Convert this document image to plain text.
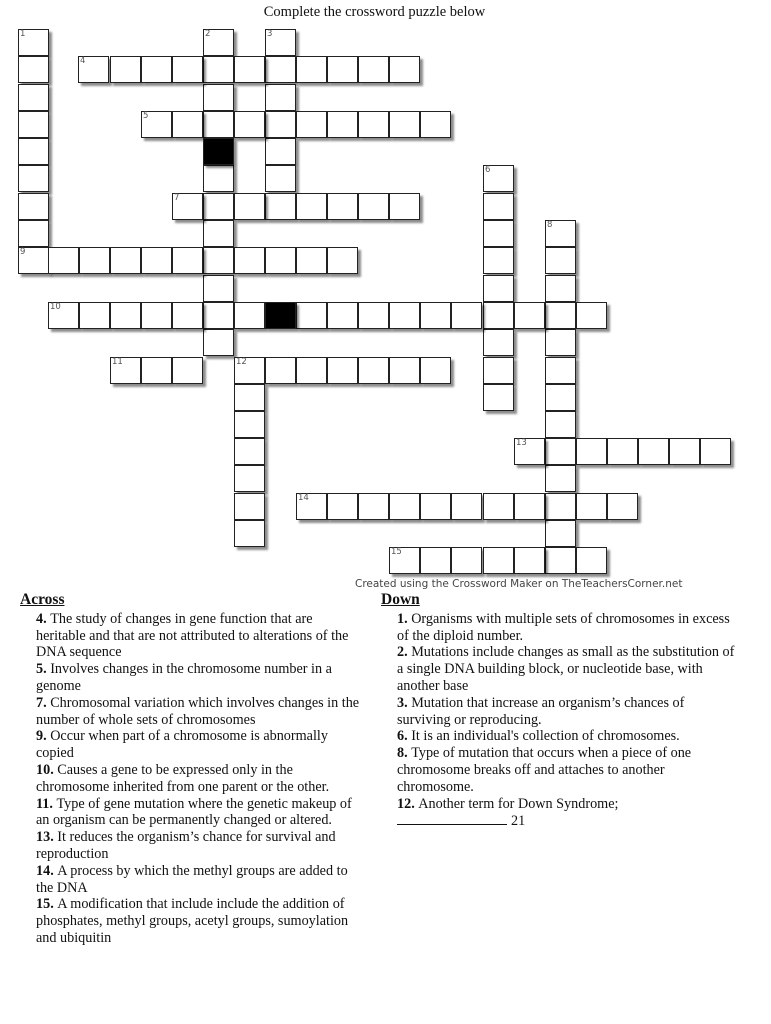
Complete the crossword puzzle below
1	2	3
4
5
6
7
8
9
10
11	12
13
14
15
Created using the Crossword Maker on TheTeachersCorner.net
Across
4. The study of changes in gene function that are heritable and that are not attributed to alterations of the DNA sequence
5. Involves changes in the chromosome number in a genome
7. Chromosomal variation which involves changes in the number of whole sets of chromosomes
9. Occur when part of a chromosome is abnormally copied
10. Causes a gene to be expressed only in the chromosome inherited from one parent or the other.
11. Type of gene mutation where the genetic makeup of an organism can be permanently changed or altered.
13. It reduces the organism’s chance for survival and reproduction
14. A process by which the methyl groups are added to the DNA
15. A modification that include include the addition of phosphates, methyl groups, acetyl groups, sumoylation and ubiquitin
Down
1. Organisms with multiple sets of chromosomes in excess of the diploid number.
2. Mutations include changes as small as the substitution of a single DNA building block, or nucleotide base, with another base
3. Mutation that increase an organism’s chances of surviving or reproducing.
6. It is an individual's collection of chromosomes.
8. Type of mutation that occurs when a piece of one chromosome breaks off and attaches to another chromosome.
12. Another term for Down Syndrome;
21
